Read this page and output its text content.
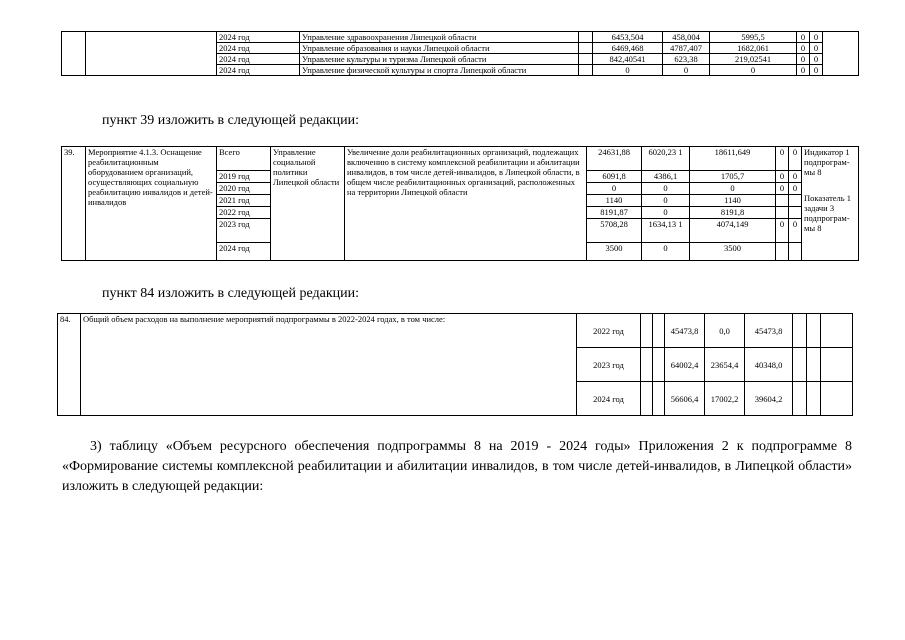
		2024 год	Управление здравоохранения Липецкой области		6453,504	458,004	5995,5	0	0	
		2024 год	Управление образования и науки Липецкой области		6469,468	4787,407	1682,061	0	0	
		2024 год	Управление культуры и туризма Липецкой области		842,40541	623,38	219,02541	0	0	
		2024 год	Управление физической культуры и спорта Липецкой области		0	0	0	0	0	
пункт 39 изложить в следующей редакции:
39.	Мероприятие 4.1.3. Оснащение реабилитационным оборудованием организаций, осуществляющих социальную реабилитацию инвалидов и детей-инвалидов	Всего	Управление социальной политики Липецкой области	Увеличение доли реабилитационных организаций, подлежащих включению в систему комплексной реабилитации и абилитации инвалидов, в том числе детей-инвалидов, в Липецкой области, в общем числе реабилитационных организаций, расположенных на территории Липецкой области	24631,88	6020,23 1	18611,649	0	0	Индикатор 1 подпрограм-мы 8
Показатель 1 задачи 3 подпрограм-мы 8

		2019 год			6091,8	4386,1	1705,7	0	0	
		2020 год			0	0	0	0	0	
		2021 год			1140	0	1140			
		2022 год			8191,87	0	8191,8			
		2023 год			5708,28	1634,13 1	4074,149	0	0	
		2024 год			3500	0	3500			
пункт 84 изложить в следующей редакции:
84.	Общий объем расходов на выполнение мероприятий подпрограммы в 2022-2024 годах, в том числе:	2022 год			45473,8	0,0	45473,8			
		2023 год			64002,4	23654,4	40348,0			
		2024 год			56606,4	17002,2	39604,2			

3) таблицу «Объем ресурсного обеспечения подпрограммы 8 на 2019 - 2024 годы» Приложения 2 к подпрограмме 8 «Формирование системы комплексной реабилитации и абилитации инвалидов, в том числе детей-инвалидов, в Липецкой области» изложить в следующей редакции:
